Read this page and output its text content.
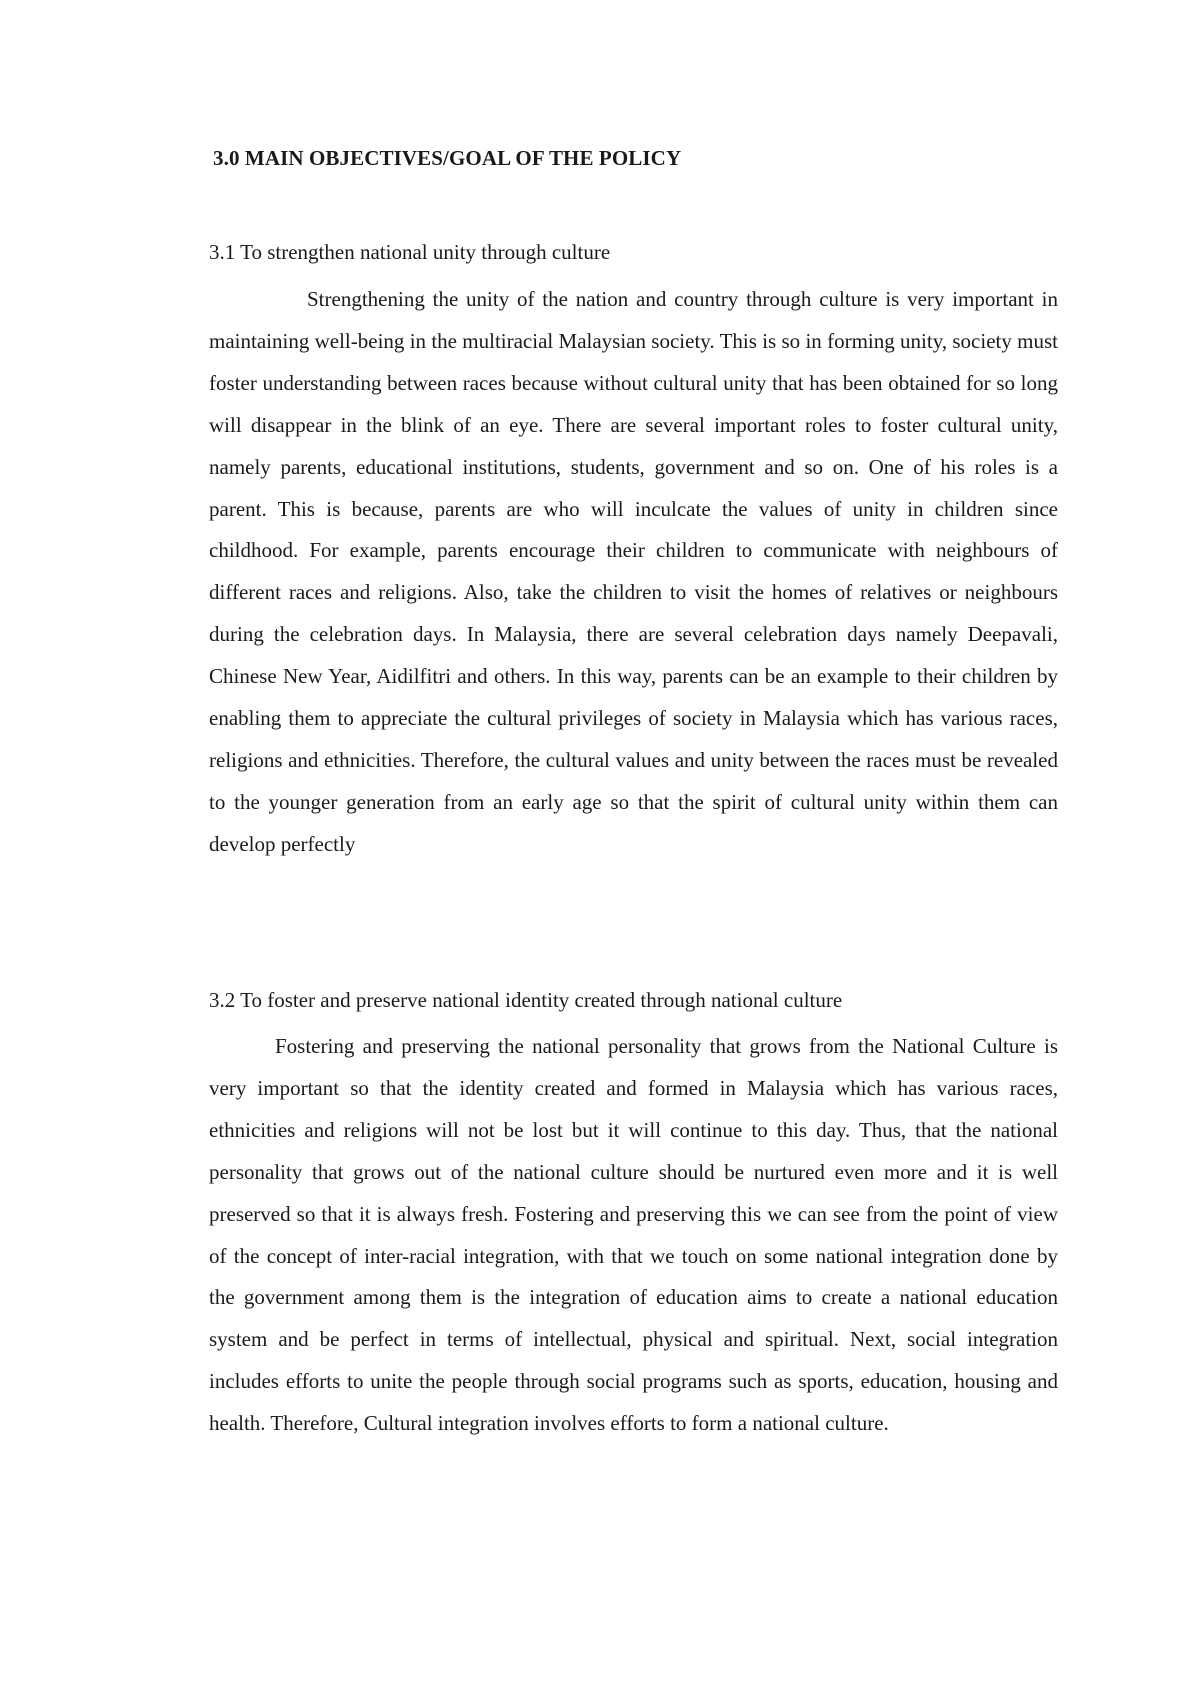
3.0 MAIN OBJECTIVES/GOAL OF THE POLICY

3.1 To strengthen national unity through culture

Strengthening the unity of the nation and country through culture is very important in maintaining well-being in the multiracial Malaysian society. This is so in forming unity, society must foster understanding between races because without cultural unity that has been obtained for so long will disappear in the blink of an eye. There are several important roles to foster cultural unity, namely parents, educational institutions, students, government and so on. One of his roles is a parent. This is because, parents are who will inculcate the values of unity in children since childhood. For example, parents encourage their children to communicate with neighbours of different races and religions. Also, take the children to visit the homes of relatives or neighbours during the celebration days. In Malaysia, there are several celebration days namely Deepavali, Chinese New Year, Aidilfitri and others. In this way, parents can be an example to their children by enabling them to appreciate the cultural privileges of society in Malaysia which has various races, religions and ethnicities. Therefore, the cultural values and unity between the races must be revealed to the younger generation from an early age so that the spirit of cultural unity within them can develop perfectly

3.2 To foster and preserve national identity created through national culture

Fostering and preserving the national personality that grows from the National Culture is very important so that the identity created and formed in Malaysia which has various races, ethnicities and religions will not be lost but it will continue to this day. Thus, that the national personality that grows out of the national culture should be nurtured even more and it is well preserved so that it is always fresh. Fostering and preserving this we can see from the point of view of the concept of inter-racial integration, with that we touch on some national integration done by the government among them is the integration of education aims to create a national education system and be perfect in terms of intellectual, physical and spiritual. Next, social integration includes efforts to unite the people through social programs such as sports, education, housing and health. Therefore, Cultural integration involves efforts to form a national culture.
